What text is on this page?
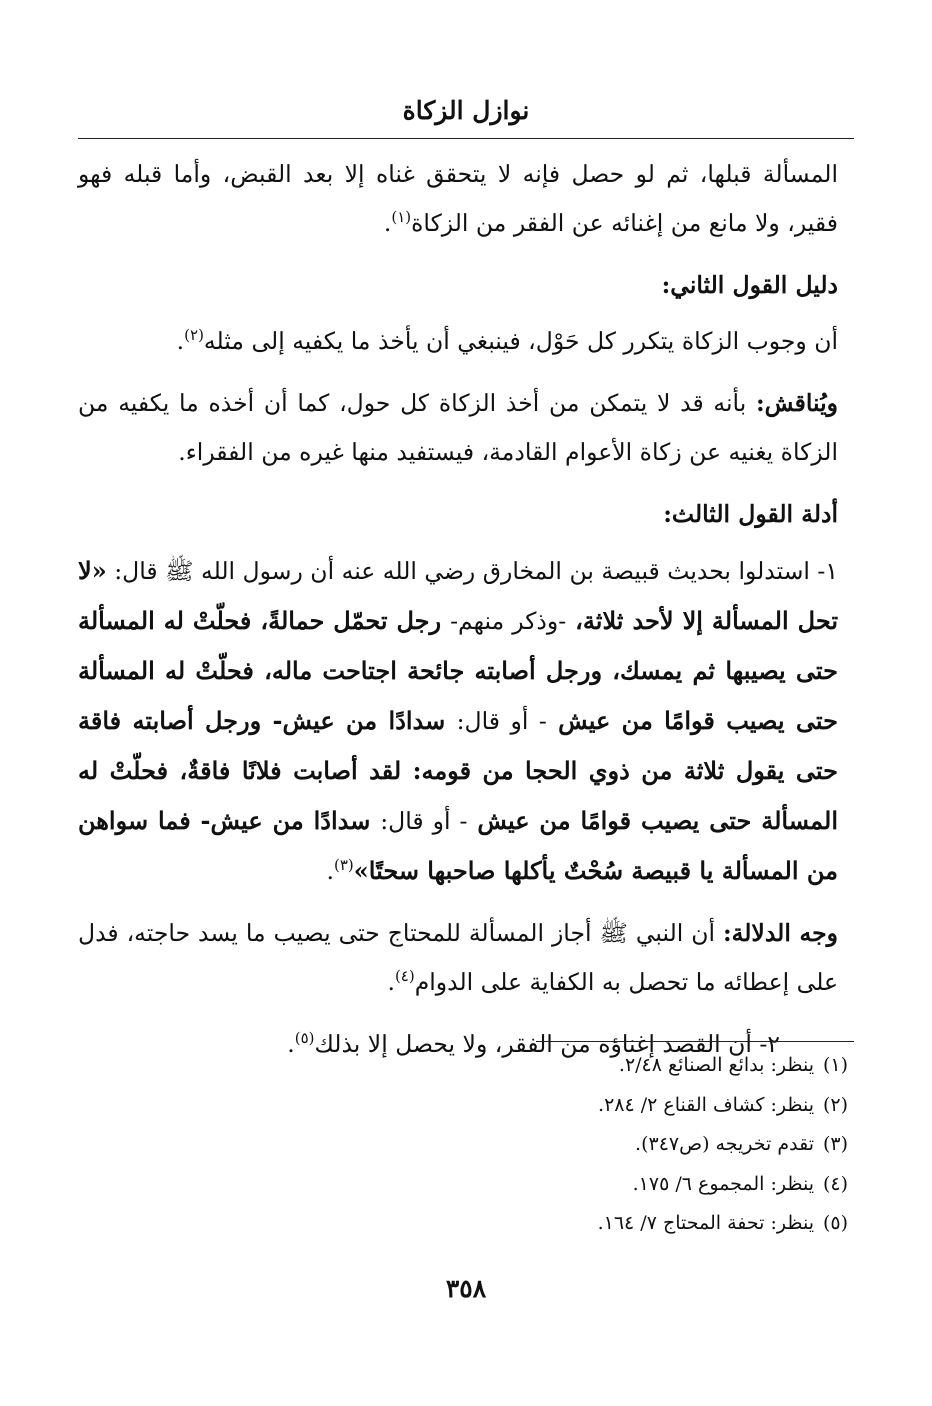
نوازل الزكاة

المسألة قبلها، ثم لو حصل فإنه لا يتحقق غناه إلا بعد القبض، وأما قبله فهو فقير، ولا مانع من إغنائه عن الفقر من الزكاة$^{(١)}$.

دليل القول الثاني:

أن وجوب الزكاة يتكرر كل حَوْل، فينبغي أن يأخذ ما يكفيه إلى مثله$^{(٢)}$.

ويُناقش: بأنه قد لا يتمكن من أخذ الزكاة كل حول، كما أن أخذه ما يكفيه من الزكاة يغنيه عن زكاة الأعوام القادمة، فيستفيد منها غيره من الفقراء.

أدلة القول الثالث:

١- استدلوا بحديث قبيصة بن المخارق رضي الله عنه أن رسول الله ﷺ قال: «لا تحل المسألة إلا لأحد ثلاثة، -وذكر منهم- رجل تحمّل حمالةً، فحلّتْ له المسألة حتى يصيبها ثم يمسك، ورجل أصابته جائحة اجتاحت ماله، فحلّتْ له المسألة حتى يصيب قوامًا من عيش - أو قال: سدادًا من عيش- ورجل أصابته فاقة حتى يقول ثلاثة من ذوي الحجا من قومه: لقد أصابت فلانًا فاقةٌ، فحلّتْ له المسألة حتى يصيب قوامًا من عيش - أو قال: سدادًا من عيش- فما سواهن من المسألة يا قبيصة سُحْتٌ يأكلها صاحبها سحتًا»$^{(٣)}$.

وجه الدلالة: أن النبي ﷺ أجاز المسألة للمحتاج حتى يصيب ما يسد حاجته، فدل على إعطائه ما تحصل به الكفاية على الدوام$^{(٤)}$.

٢- أن القصد إغناؤه من الفقر، ولا يحصل إلا بذلك$^{(٥)}$.

(١)ينظر: بدائع الصنائع ٢/٤٨.
(٢)ينظر: كشاف القناع ٢/ ٢٨٤.
(٣)تقدم تخريجه (ص٣٤٧).
(٤)ينظر: المجموع ٦/ ١٧٥.
(٥)ينظر: تحفة المحتاج ٧/ ١٦٤.
٣٥٨
